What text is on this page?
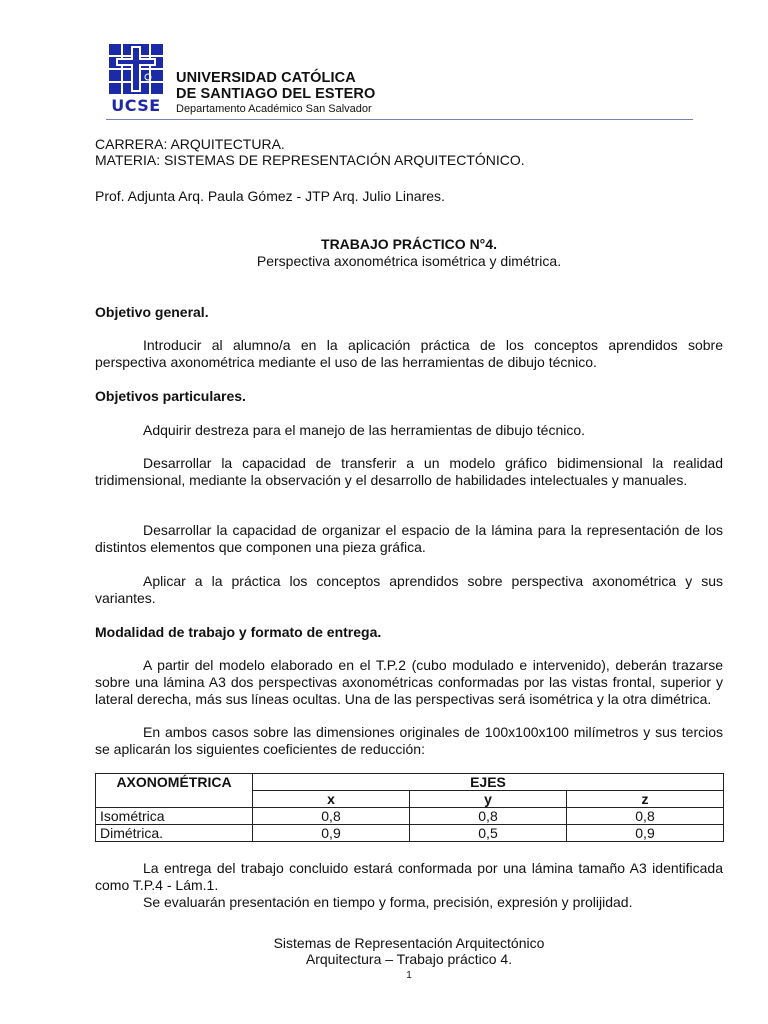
UCSE
UNIVERSIDAD CATÓLICA
DE SANTIAGO DEL ESTERO
Departamento Académico San Salvador
CARRERA: ARQUITECTURA.
MATERIA: SISTEMAS DE REPRESENTACIÓN ARQUITECTÓNICO.
Prof. Adjunta Arq. Paula Gómez - JTP Arq. Julio Linares.
TRABAJO PRÁCTICO N°4.
Perspectiva axonométrica isométrica y dimétrica.
Objetivo general.

Introducir al alumno/a en la aplicación práctica de los conceptos aprendidos sobre perspectiva axonométrica mediante el uso de las herramientas de dibujo técnico.

Objetivos particulares.

Adquirir destreza para el manejo de las herramientas de dibujo técnico.

Desarrollar la capacidad de transferir a un modelo gráfico bidimensional la realidad tridimensional, mediante la observación y el desarrollo de habilidades intelectuales y manuales.

Desarrollar la capacidad de organizar el espacio de la lámina para la representación de los distintos elementos que componen una pieza gráfica.

Aplicar a la práctica los conceptos aprendidos sobre perspectiva axonométrica y sus variantes.

Modalidad de trabajo y formato de entrega.

A partir del modelo elaborado en el T.P.2 (cubo modulado e intervenido), deberán trazarse sobre una lámina A3 dos perspectivas axonométricas conformadas por las vistas frontal, superior y lateral derecha, más sus líneas ocultas. Una de las perspectivas será isométrica y la otra dimétrica.

En ambos casos sobre las dimensiones originales de 100x100x100 milímetros y sus tercios se aplicarán los siguientes coeficientes de reducción:

AXONOMÉTRICA	EJES		
	x	y	z
Isométrica	0,8	0,8	0,8
Dimétrica.	0,9	0,5	0,9

La entrega del trabajo concluido estará conformada por una lámina tamaño A3 identificada como T.P.4 - Lám.1.

Se evaluarán presentación en tiempo y forma, precisión, expresión y prolijidad.

Sistemas de Representación Arquitectónico
Arquitectura – Trabajo práctico 4.
1
